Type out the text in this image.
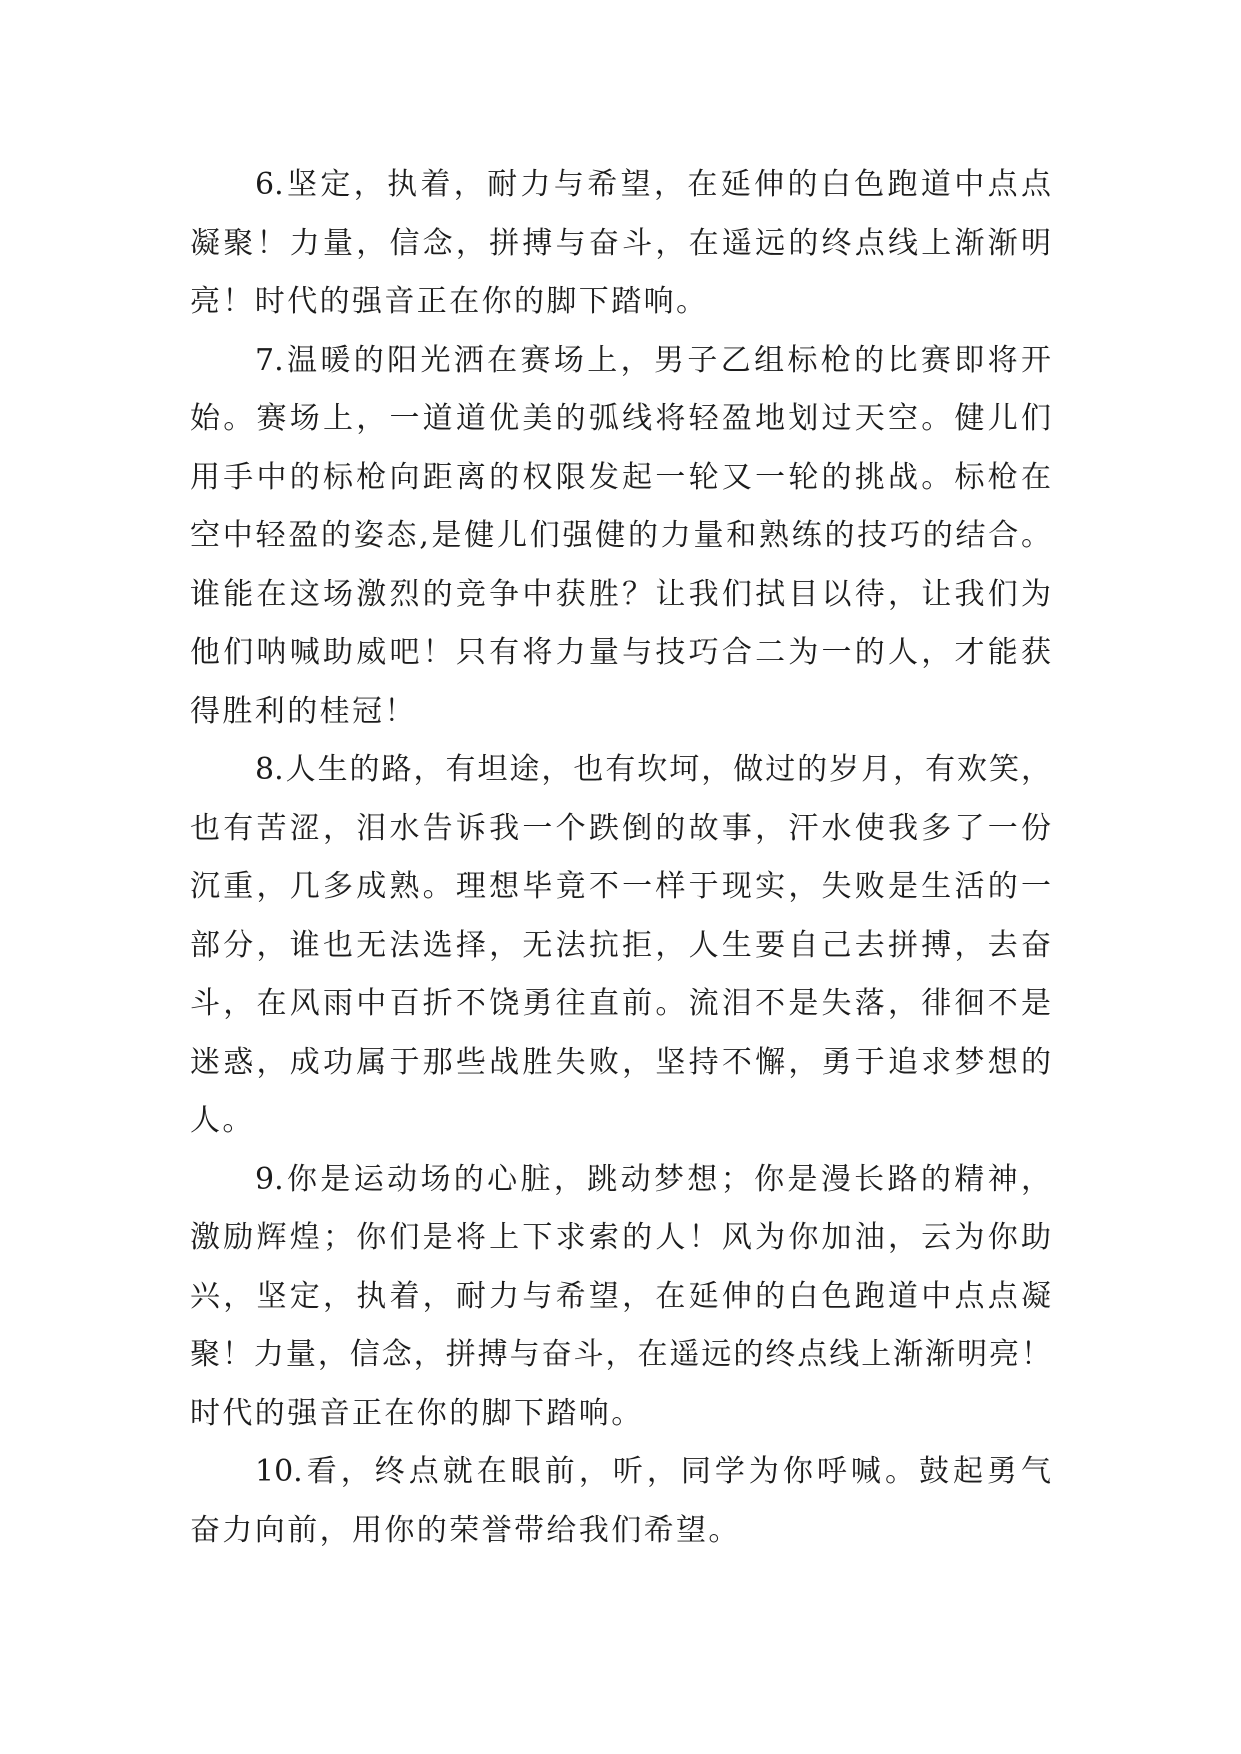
6.坚定，执着，耐力与希望，在延伸的白色跑道中点点
凝聚！力量，信念，拼搏与奋斗，在遥远的终点线上渐渐明
亮！时代的强音正在你的脚下踏响。
7.温暖的阳光洒在赛场上，男子乙组标枪的比赛即将开
始。赛场上，一道道优美的弧线将轻盈地划过天空。健儿们
用手中的标枪向距离的权限发起一轮又一轮的挑战。标枪在
空中轻盈的姿态,是健儿们强健的力量和熟练的技巧的结合。
谁能在这场激烈的竞争中获胜？让我们拭目以待，让我们为
他们呐喊助威吧！只有将力量与技巧合二为一的人，才能获
得胜利的桂冠！
8.人生的路，有坦途，也有坎坷，做过的岁月，有欢笑，
也有苦涩，泪水告诉我一个跌倒的故事，汗水使我多了一份
沉重，几多成熟。理想毕竟不一样于现实，失败是生活的一
部分，谁也无法选择，无法抗拒，人生要自己去拼搏，去奋
斗，在风雨中百折不饶勇往直前。流泪不是失落，徘徊不是
迷惑，成功属于那些战胜失败，坚持不懈，勇于追求梦想的
人。
9.你是运动场的心脏，跳动梦想；你是漫长路的精神，
激励辉煌；你们是将上下求索的人！风为你加油，云为你助
兴，坚定，执着，耐力与希望，在延伸的白色跑道中点点凝
聚！力量，信念，拼搏与奋斗，在遥远的终点线上渐渐明亮！
时代的强音正在你的脚下踏响。
10.看，终点就在眼前，听，同学为你呼喊。鼓起勇气
奋力向前，用你的荣誉带给我们希望。
